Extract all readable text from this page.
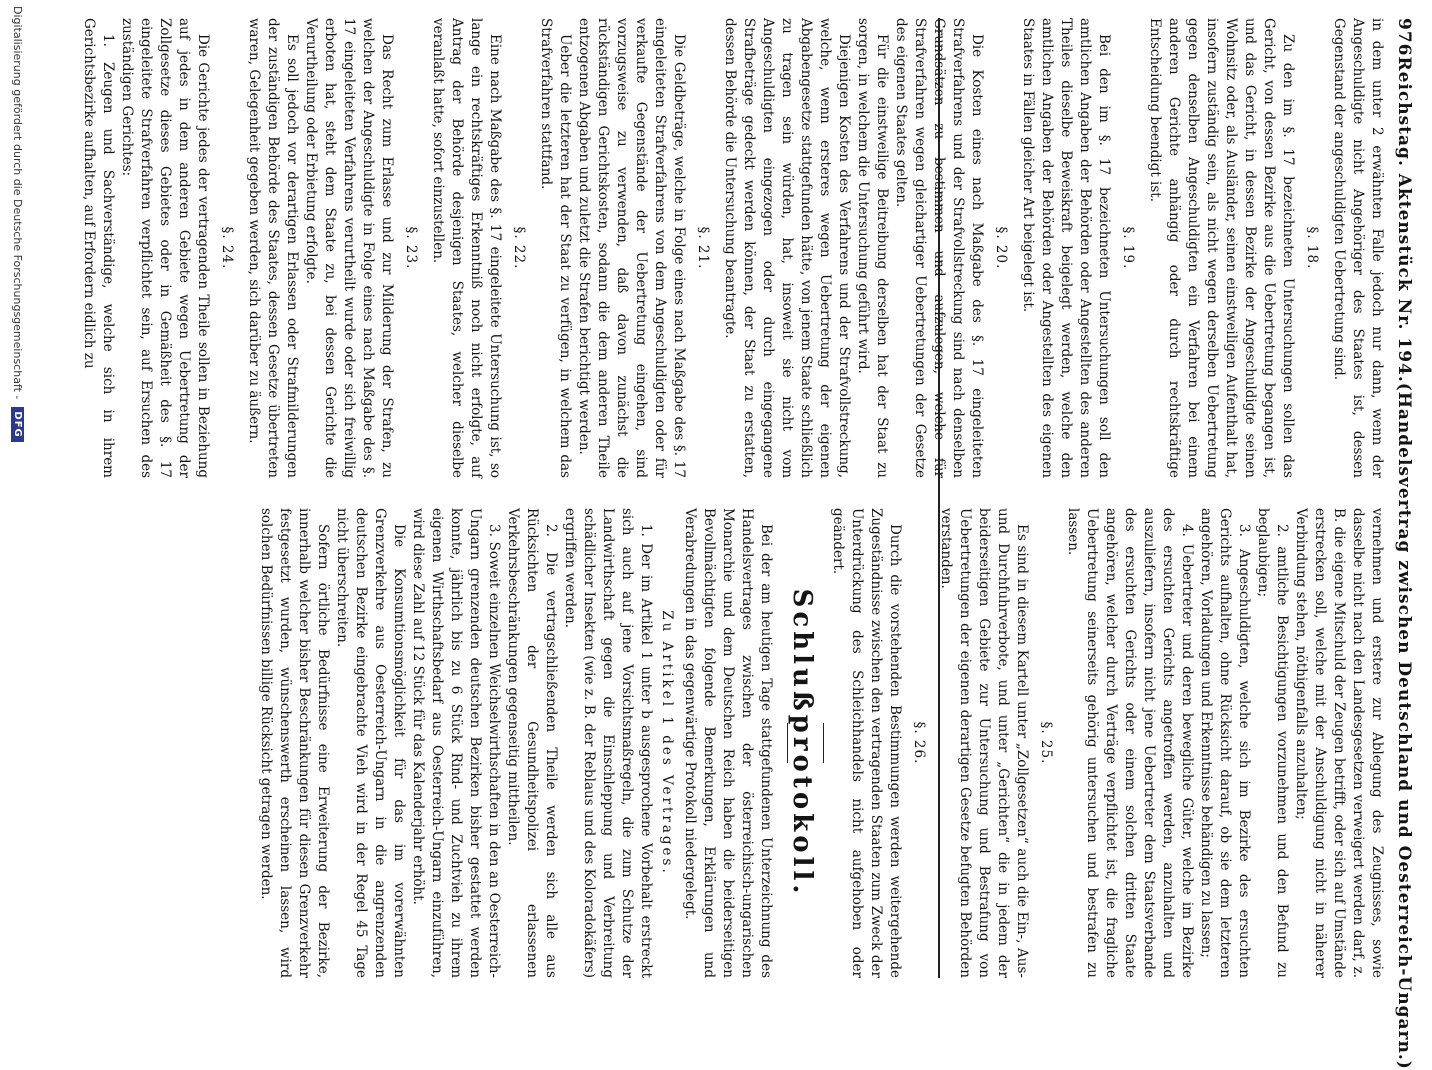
976
Reichstag. Aktenstück Nr. 194.
(Handelsvertrag zwischen Deutschland und Oesterreich-Ungarn.)

in dem unter 2 erwähnten Falle jedoch nur dann, wenn der Angeschuldigte nicht Angehöriger des Staates ist, dessen Gegenstand der angeschuldigten Uebertretung sind.

§. 18.

Zu den im §. 17 bezeichneten Untersuchungen sollen das Gericht, von dessen Bezirke aus die Uebertretung begangen ist, und das Gericht, in dessen Bezirke der Angeschuldigte seinen Wohnsitz oder, als Ausländer, seinen einstweiligen Aufenthalt hat, insofern zuständig sein, als nicht wegen derselben Uebertretung gegen denselben Angeschuldigten ein Verfahren bei einem anderen Gerichte anhängig oder durch rechtskräftige Entscheidung beendigt ist.

§. 19.

Bei den im §. 17 bezeichneten Untersuchungen soll den amtlichen Angaben der Behörden oder Angestellten des anderen Theiles dieselbe Beweiskraft beigelegt werden, welche den amtlichen Angaben der Behörden oder Angestellten des eigenen Staates in Fällen gleicher Art beigelegt ist.

§. 20.

Die Kosten eines nach Maßgabe des §. 17 eingeleiteten Strafverfahrens und der Strafvollstreckung sind nach denselben Grundsätzen zu bestimmen und aufzulegen, welche für Strafverfahren wegen gleichartiger Uebertretungen der Gesetze des eigenen Staates gelten.

Für die einstweilige Beitreibung derselben hat der Staat zu sorgen, in welchem die Untersuchung geführt wird.

Diejenigen Kosten des Verfahrens und der Strafvollstreckung, welche, wenn ersteres wegen Uebertretung der eigenen Abgabengesetze stattgefunden hätte, von jenem Staate schließlich zu tragen sein würden, hat, insoweit sie nicht vom Angeschuldigten eingezogen oder durch eingegangene Strafbeträge gedeckt werden können, der Staat zu erstatten, dessen Behörde die Untersuchung beantragte.

§. 21.

Die Geldbeträge, welche in Folge eines nach Maßgabe des §. 17 eingeleiteten Strafverfahrens von dem Angeschuldigten oder für verkaufte Gegenstände der Uebertretung eingehen, sind vorzugsweise zu verwenden, daß davon zunächst die rückständigen Gerichtskosten, sodann die dem anderen Theile entzogenen Abgaben und zuletzt die Strafen berichtigt werden.

Ueber die letzteren hat der Staat zu verfügen, in welchem das Strafverfahren stattfand.

§. 22.

Eine nach Maßgabe des §. 17 eingeleitete Untersuchung ist, so lange ein rechtskräftiges Erkenntniß noch nicht erfolgte, auf Antrag der Behörde desjenigen Staates, welcher dieselbe veranlaßt hatte, sofort einzustellen.

§. 23.

Das Recht zum Erlasse und zur Milderung der Strafen, zu welchen der Angeschuldigte in Folge eines nach Maßgabe des §. 17 eingeleiteten Verfahrens verurtheilt wurde oder sich freiwillig erboten hat, steht dem Staate zu, bei dessen Gerichte die Verurtheilung oder Erbietung erfolgte.

Es soll jedoch vor derartigen Erlassen oder Strafmilderungen der zuständigen Behörde des Staates, dessen Gesetze übertreten waren, Gelegenheit gegeben werden, sich darüber zu äußern.

§. 24.

Die Gerichte jedes der vertragenden Theile sollen in Beziehung auf jedes in dem anderen Gebiete wegen Uebertretung der Zollgesetze dieses Gebietes oder in Gemäßheit des §. 17 eingeleitete Strafverfahren verpflichtet sein, auf Ersuchen des zuständigen Gerichtes:

1. Zeugen und Sachverständige, welche sich in ihrem Gerichtsbezirke aufhalten, auf Erfordern eidlich zu

vernehmen und erstere zur Ablegung des Zeugnisses, sowie dasselbe nicht nach den Landesgesetzen verweigert werden darf, z. B. die eigene Mitschuld der Zeugen betrifft, oder sich auf Umstände erstrecken soll, welche mit der Anschuldigung nicht in näherer Verbindung stehen, nöthigenfalls anzuhalten;

2. amtliche Besichtigungen vorzunehmen und den Befund zu beglaubigen;

3. Angeschuldigten, welche sich im Bezirke des ersuchten Gerichts aufhalten, ohne Rücksicht darauf, ob sie dem letzteren angehören, Vorladungen und Erkenntnisse behändigen zu lassen;

4. Uebertreter und deren bewegliche Güter, welche im Bezirke des ersuchten Gerichts angetroffen werden, anzuhalten und auszuliefern, insofern nicht jene Uebertreter dem Staatsverbande des ersuchten Gerichts oder einem solchen dritten Staate angehören, welcher durch Verträge verpflichtet ist, die fragliche Uebertretung seinerseits gehörig untersuchen und bestrafen zu lassen.

§. 25.

Es sind in diesem Kartell unter „Zollgesetzen“ auch die Ein-, Aus- und Durchfuhrverbote, und unter „Gerichten“ die in jedem der beiderseitigen Gebiete zur Untersuchung und Bestrafung von Uebertretungen der eigenen derartigen Gesetze befugten Behörden verstanden.

§. 26.

Durch die vorstehenden Bestimmungen werden weitergehende Zugeständnisse zwischen den vertragenden Staaten zum Zweck der Unterdrückung des Schleichhandels nicht aufgehoben oder geändert.

Schlußprotokoll.

Bei der am heutigen Tage stattgefundenen Unterzeichnung des Handelsvertrages zwischen der österreichisch-ungarischen Monarchie und dem Deutschen Reich haben die beiderseitigen Bevollmächtigten folgende Bemerkungen, Erklärungen und Verabredungen in das gegenwärtige Protokoll niedergelegt.

Zu Artikel 1 des Vertrages.

1. Der im Artikel 1 unter b ausgesprochene Vorbehalt erstreckt sich auch auf jene Vorsichtsmaßregeln, die zum Schutze der Landwirthschaft gegen die Einschleppung und Verbreitung schädlicher Insekten (wie z. B. der Reblaus und des Koloradokäfers) ergriffen werden.

2. Die vertragschließenden Theile werden sich alle aus Rücksichten der Gesundheitspolizei erlassenen Verkehrsbeschränkungen gegenseitig mittheilen.

3. Soweit einzelnen Weichselwirthschaften in den an Oesterreich-Ungarn grenzenden deutschen Bezirken bisher gestattet werden konnte, jährlich bis zu 6 Stück Rind- und Zuchtvieh zu ihrem eigenen Wirthschaftsbedarf aus Oesterreich-Ungarn einzuführen, wird diese Zahl auf 12 Stück für das Kalenderjahr erhöht.

Die Konsumtionsmöglichkeit für das im vorerwähnten Grenzverkehre aus Oesterreich-Ungarn in die angrenzenden deutschen Bezirke eingebrachte Vieh wird in der Regel 45 Tage nicht überschreiten.

Sofern örtliche Bedürfnisse eine Erweiterung der Bezirke, innerhalb welcher bisher Beschränkungen für diesen Grenzverkehr festgesetzt wurden, wünschenswerth erscheinen lassen, wird solchen Bedürfnissen billige Rücksicht getragen werden.

Digitalisierung gefördert durch die Deutsche Forschungsgemeinschaft -
DFG
